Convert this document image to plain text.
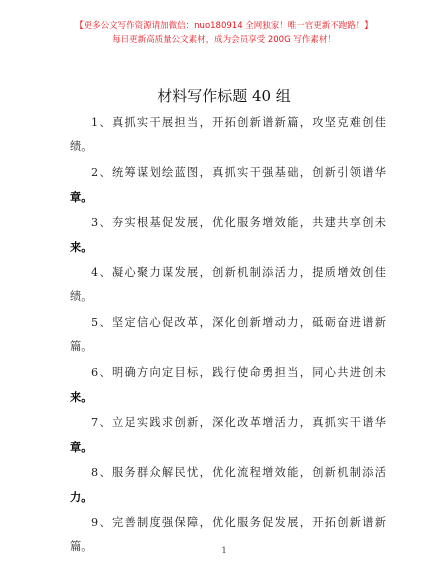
【更多公文写作资源请加微信：nuo180914 全网独家！唯一官更新不跑路！】
每日更新高质量公文素材，成为会员享受 200G 写作素材！
材料写作标题 40 组
1、真抓实干展担当，开拓创新谱新篇，攻坚克难创佳
绩。
2、统筹谋划绘蓝图，真抓实干强基础，创新引领谱华
章。
3、夯实根基促发展，优化服务增效能，共建共享创未
来。
4、凝心聚力谋发展，创新机制添活力，提质增效创佳
绩。
5、坚定信心促改革，深化创新增动力，砥砺奋进谱新
篇。
6、明确方向定目标，践行使命勇担当，同心共进创未
来。
7、立足实践求创新，深化改革增活力，真抓实干谱华
章。
8、服务群众解民忧，优化流程增效能，创新机制添活
力。
9、完善制度强保障，优化服务促发展，开拓创新谱新
篇。	1
